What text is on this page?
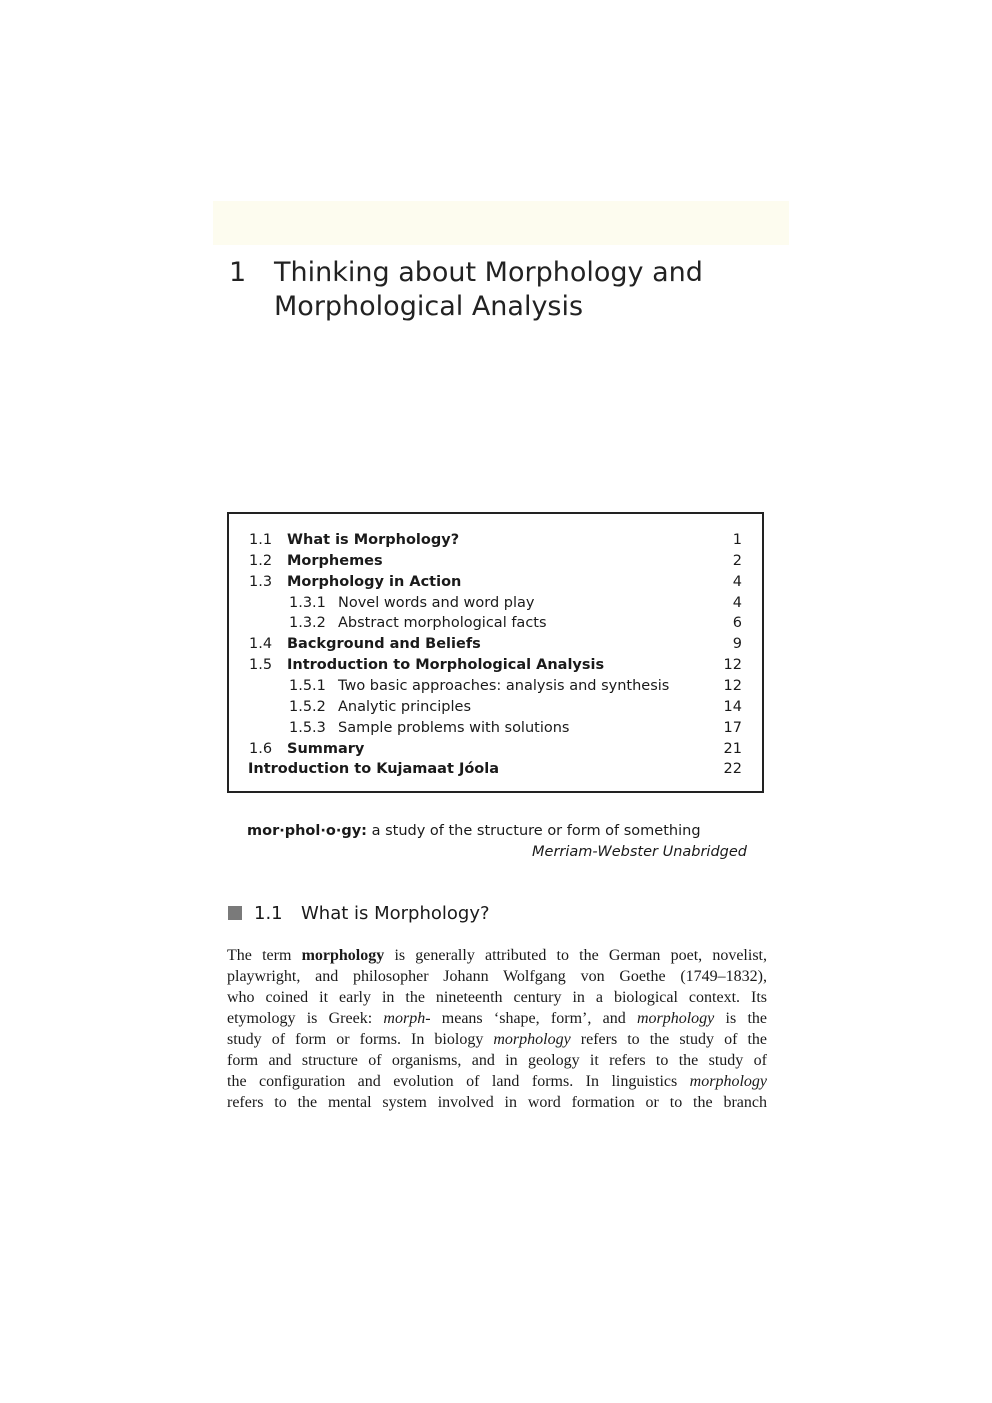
1 Thinking about Morphology and Morphological Analysis
1.1 What is Morphology?	1
1.2 Morphemes	2
1.3 Morphology in Action	4
1.3.1 Novel words and word play	4
1.3.2 Abstract morphological facts	6
1.4 Background and Beliefs	9
1.5 Introduction to Morphological Analysis	12
1.5.1 Two basic approaches: analysis and synthesis	12
1.5.2 Analytic principles	14
1.5.3 Sample problems with solutions	17
1.6 Summary	21
Introduction to Kujamaat Jóola	22
mor·phol·o·gy: a study of the structure or form of something
Merriam-Webster Unabridged
1.1 What is Morphology?
The term morphology is generally attributed to the German poet, novelist,
playwright, and philosopher Johann Wolfgang von Goethe (1749–1832),
who coined it early in the nineteenth century in a biological context. Its
etymology is Greek: morph- means ‘shape, form’, and morphology is the
study of form or forms. In biology morphology refers to the study of the
form and structure of organisms, and in geology it refers to the study of
the configuration and evolution of land forms. In linguistics morphology
refers to the mental system involved in word formation or to the branch
